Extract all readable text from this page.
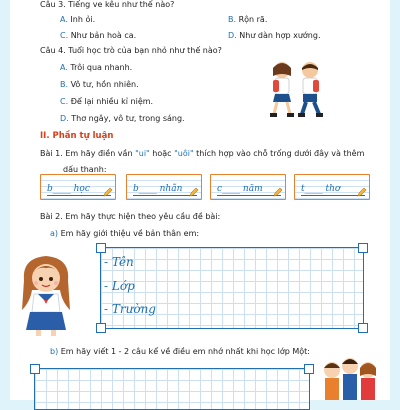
Câu 3. Tiếng ve kêu như thế nào?
A. Inh ỏi.	B. Rộn rã.
C. Như bản hoà ca.	D. Như dàn hợp xướng.
Câu 4. Tuổi học trò của bạn nhỏ như thế nào?
A. Trôi qua nhanh.
B. Vô tư, hồn nhiên.
C. Để lại nhiều kỉ niệm.
D. Thơ ngây, vô tư, trong sáng.
II. Phần tự luận
Bài 1. Em hãy điền vần "ui" hoặc "uôi" thích hợp vào chỗ trống dưới đây và thêm
dấu thanh:
b____ học	b____ nhãn	c____ năm	t____ thơ
Bài 2. Em hãy thực hiện theo yêu cầu đề bài:
a) Em hãy giới thiệu về bản thân em:
- Tên
- Lớp
- Trường
b) Em hãy viết 1 - 2 câu kể về điều em nhớ nhất khi học lớp Một:
